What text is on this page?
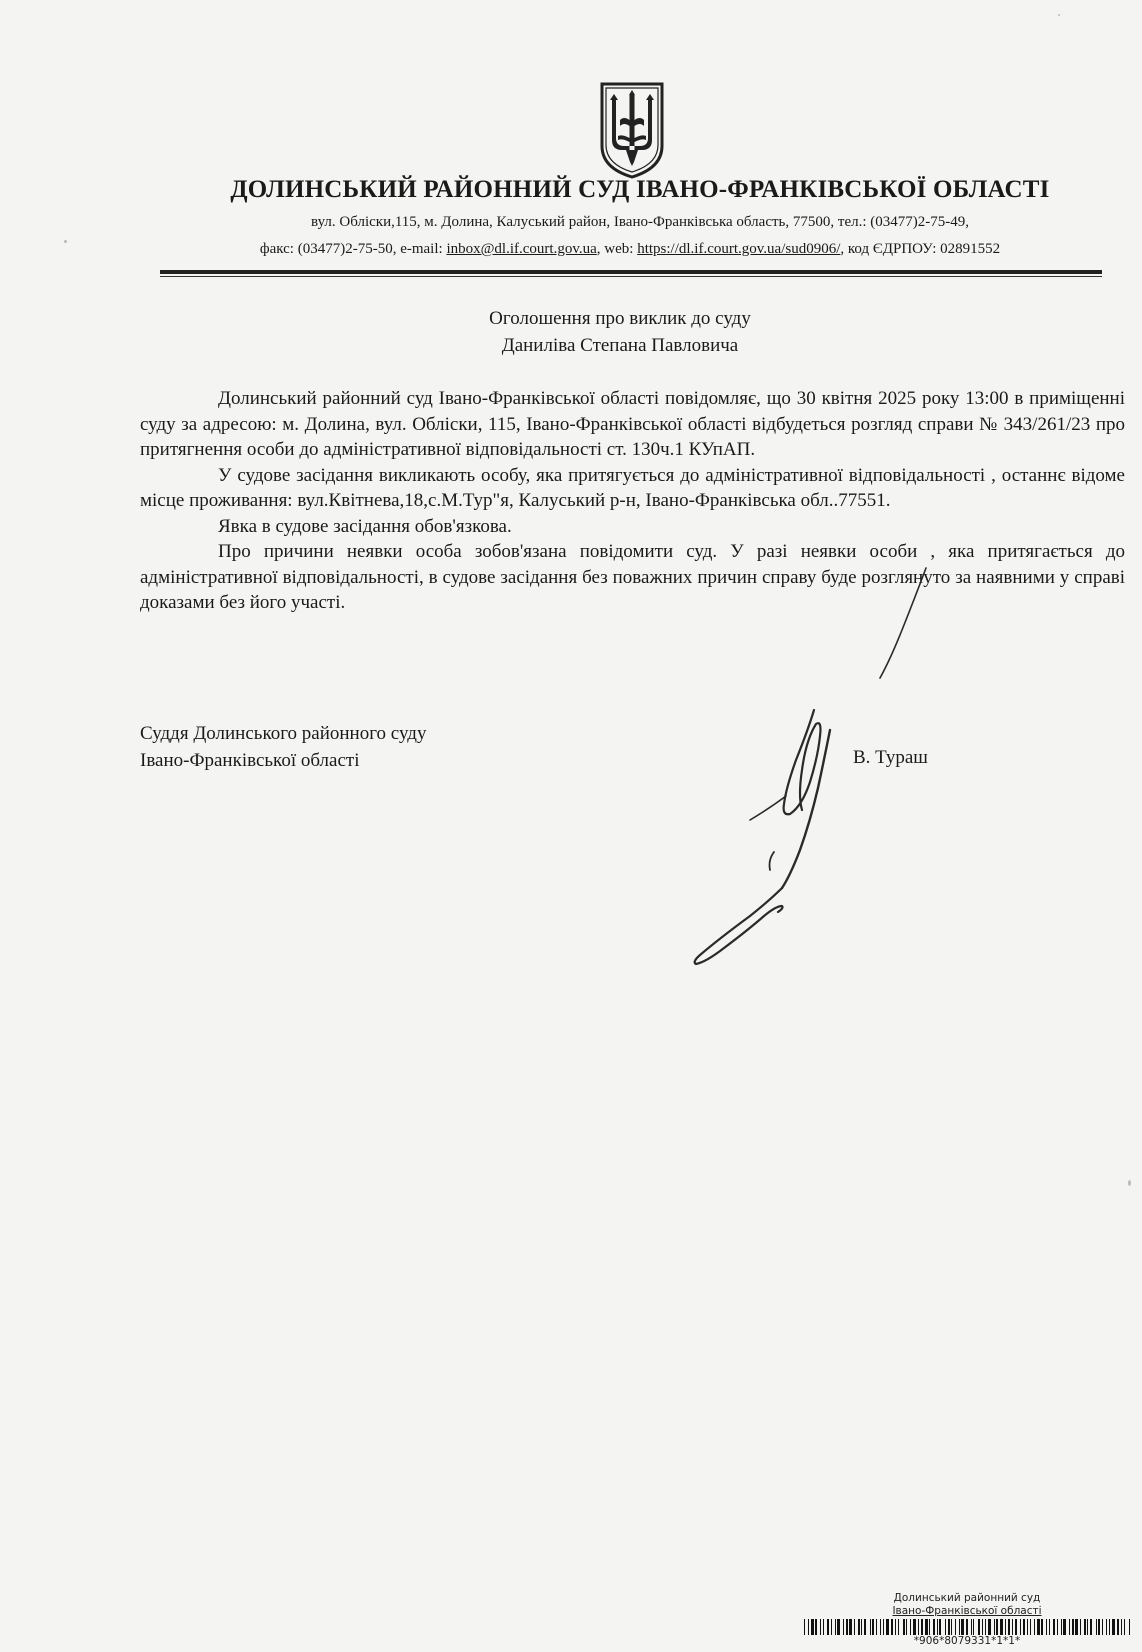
ДОЛИНСЬКИЙ РАЙОННИЙ СУД ІВАНО-ФРАНКІВСЬКОЇ ОБЛАСТІ
вул. Обліски,115, м. Долина, Калуський район, Івано-Франківська область, 77500, тел.: (03477)2-75-49,
факс: (03477)2-75-50, e-mail: inbox@dl.if.court.gov.ua, web: https://dl.if.court.gov.ua/sud0906/, код ЄДРПОУ: 02891552
Оголошення про виклик до суду
Даниліва Степана Павловича

Долинський районний суд Івано-Франківської області повідомляє, що 30 квітня 2025 року 13:00 в приміщенні суду за адресою: м. Долина, вул. Обліски, 115, Івано-Франківської області відбудеться розгляд справи № 343/261/23 про притягнення особи до адміністративної відповідальності ст. 130ч.1 КУпАП.

У судове засідання викликають особу, яка притягується до адміністративної відповідальності , останнє відоме місце проживання: вул.Квітнева,18,с.М.Тур"я, Калуський р-н, Івано-Франківська обл..77551.

Явка в судове засідання обов'язкова.

Про причини неявки особа зобов'язана повідомити суд. У разі неявки особи , яка притягається до адміністративної відповідальності, в судове засідання без поважних причин справу буде розглянуто за наявними у справі доказами без його участі.

Суддя Долинського районного суду
Івано-Франківської області	В. Тураш
Долинський районний суд
Івано-Франківської області
*906*8079331*1*1*
